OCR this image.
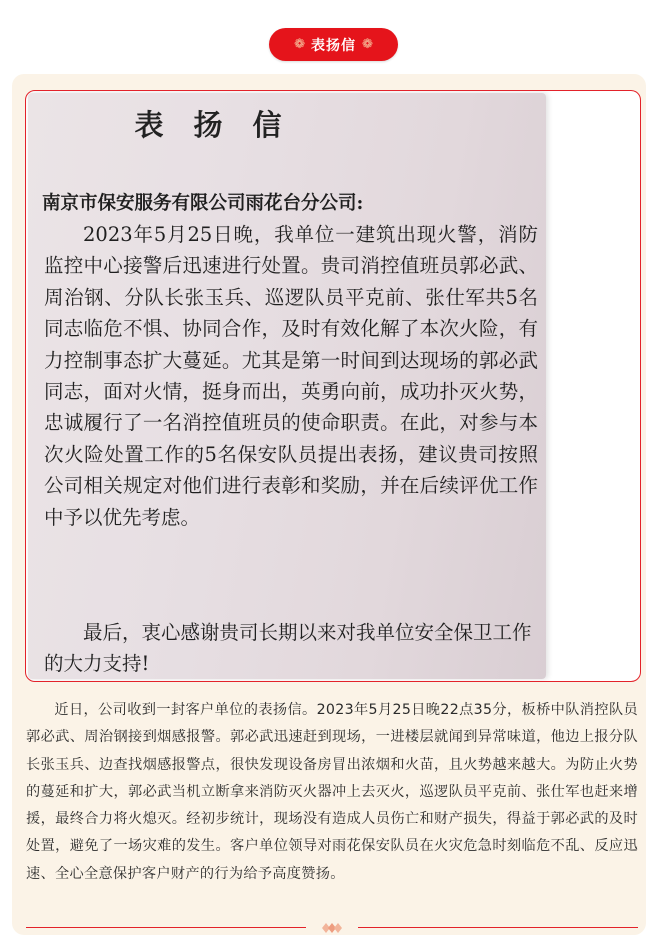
❁ 表扬信 ❁
表扬信
南京市保安服务有限公司雨花台分公司:

2023年5月25日晚，我单位一建筑出现火警，消防监控中心接警后迅速进行处置。贵司消控值班员郭必武、周治钢、分队长张玉兵、巡逻队员平克前、张仕军共5名同志临危不惧、协同合作，及时有效化解了本次火险，有力控制事态扩大蔓延。尤其是第一时间到达现场的郭必武同志，面对火情，挺身而出，英勇向前，成功扑灭火势，忠诚履行了一名消控值班员的使命职责。在此，对参与本次火险处置工作的5名保安队员提出表扬，建议贵司按照公司相关规定对他们进行表彰和奖励，并在后续评优工作中予以优先考虑。

最后，衷心感谢贵司长期以来对我单位安全保卫工作的大力支持!

近日，公司收到一封客户单位的表扬信。2023年5月25日晚22点35分，板桥中队消控队员郭必武、周治钢接到烟感报警。郭必武迅速赶到现场，一进楼层就闻到异常味道，他边上报分队长张玉兵、边查找烟感报警点，很快发现设备房冒出浓烟和火苗，且火势越来越大。为防止火势的蔓延和扩大，郭必武当机立断拿来消防灭火器冲上去灭火，巡逻队员平克前、张仕军也赶来增援，最终合力将火熄灭。经初步统计，现场没有造成人员伤亡和财产损失，得益于郭必武的及时处置，避免了一场灾难的发生。客户单位领导对雨花保安队员在火灾危急时刻临危不乱、反应迅速、全心全意保护客户财产的行为给予高度赞扬。
